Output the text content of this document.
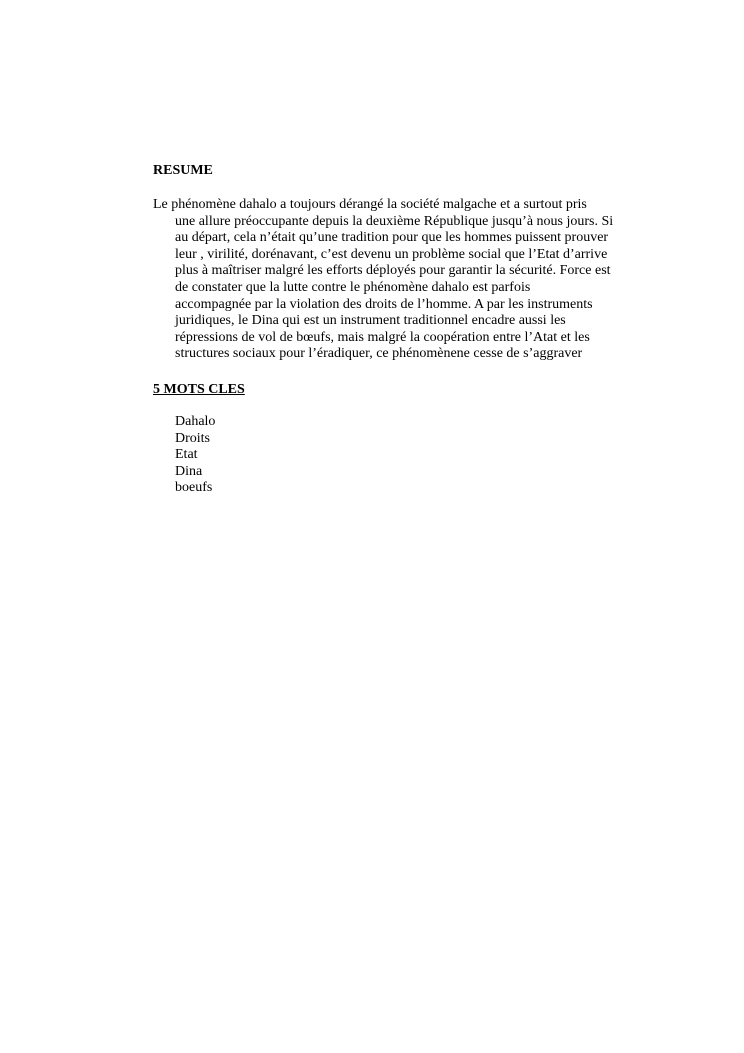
RESUME
Le phénomène dahalo a toujours dérangé la société malgache et a surtout pris
une allure préoccupante depuis la deuxième République jusqu’à nous jours. Si
au départ, cela n’était qu’une tradition pour que les hommes puissent prouver
leur , virilité, dorénavant, c’est devenu un problème social que l’Etat d’arrive
plus à maîtriser malgré les efforts déployés pour garantir la sécurité. Force est
de constater que la lutte contre le phénomène dahalo est parfois
accompagnée par la violation des droits de l’homme. A par les instruments
juridiques, le Dina qui est un instrument traditionnel encadre aussi les
répressions de vol de bœufs, mais malgré la coopération entre l’Atat et les
structures sociaux pour l’éradiquer, ce phénomènene cesse de s’aggraver
5 MOTS CLES
Dahalo
Droits
Etat
Dina
boeufs
